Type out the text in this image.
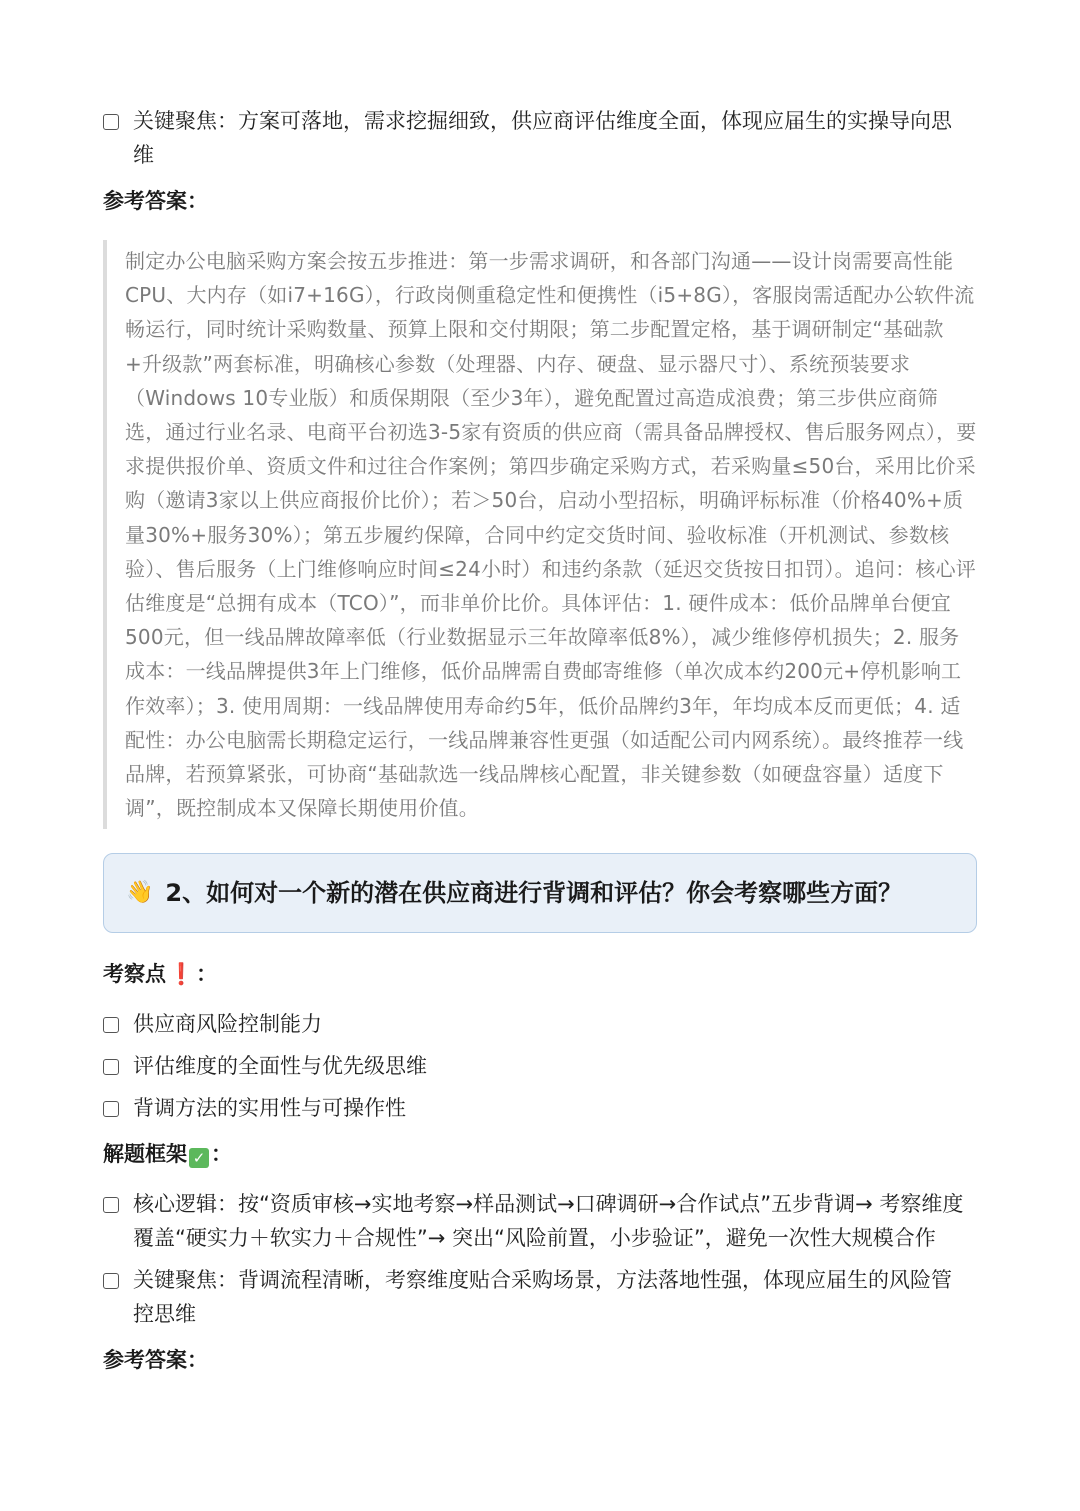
关键聚焦：方案可落地，需求挖掘细致，供应商评估维度全面，体现应届生的实操导向思维
参考答案：
制定办公电脑采购方案会按五步推进：第一步需求调研，和各部门沟通——设计岗需要高性能CPU、大内存（如i7+16G），行政岗侧重稳定性和便携性（i5+8G），客服岗需适配办公软件流畅运行，同时统计采购数量、预算上限和交付期限；第二步配置定格，基于调研制定“基础款+升级款”两套标准，明确核心参数（处理器、内存、硬盘、显示器尺寸）、系统预装要求（Windows 10专业版）和质保期限（至少3年），避免配置过高造成浪费；第三步供应商筛选，通过行业名录、电商平台初选3-5家有资质的供应商（需具备品牌授权、售后服务网点），要求提供报价单、资质文件和过往合作案例；第四步确定采购方式，若采购量≤50台，采用比价采购（邀请3家以上供应商报价比价）；若＞50台，启动小型招标，明确评标标准（价格40%+质量30%+服务30%）；第五步履约保障，合同中约定交货时间、验收标准（开机测试、参数核验）、售后服务（上门维修响应时间≤24小时）和违约条款（延迟交货按日扣罚）。追问：核心评估维度是“总拥有成本（TCO）”，而非单价比价。具体评估：1. 硬件成本：低价品牌单台便宜500元，但一线品牌故障率低（行业数据显示三年故障率低8%），减少维修停机损失；2. 服务成本：一线品牌提供3年上门维修，低价品牌需自费邮寄维修（单次成本约200元+停机影响工作效率）；3. 使用周期：一线品牌使用寿命约5年，低价品牌约3年，年均成本反而更低；4. 适配性：办公电脑需长期稳定运行，一线品牌兼容性更强（如适配公司内网系统）。最终推荐一线品牌，若预算紧张，可协商“基础款选一线品牌核心配置，非关键参数（如硬盘容量）适度下调”，既控制成本又保障长期使用价值。
👋 2、如何对一个新的潜在供应商进行背调和评估？你会考察哪些方面？
考察点❗：
供应商风险控制能力
评估维度的全面性与优先级思维
背调方法的实用性与可操作性
解题框架 ✓ ：
核心逻辑：按“资质审核→实地考察→样品测试→口碑调研→合作试点”五步背调→ 考察维度覆盖“硬实力＋软实力＋合规性”→ 突出“风险前置，小步验证”，避免一次性大规模合作
关键聚焦：背调流程清晰，考察维度贴合采购场景，方法落地性强，体现应届生的风险管控思维
参考答案：
